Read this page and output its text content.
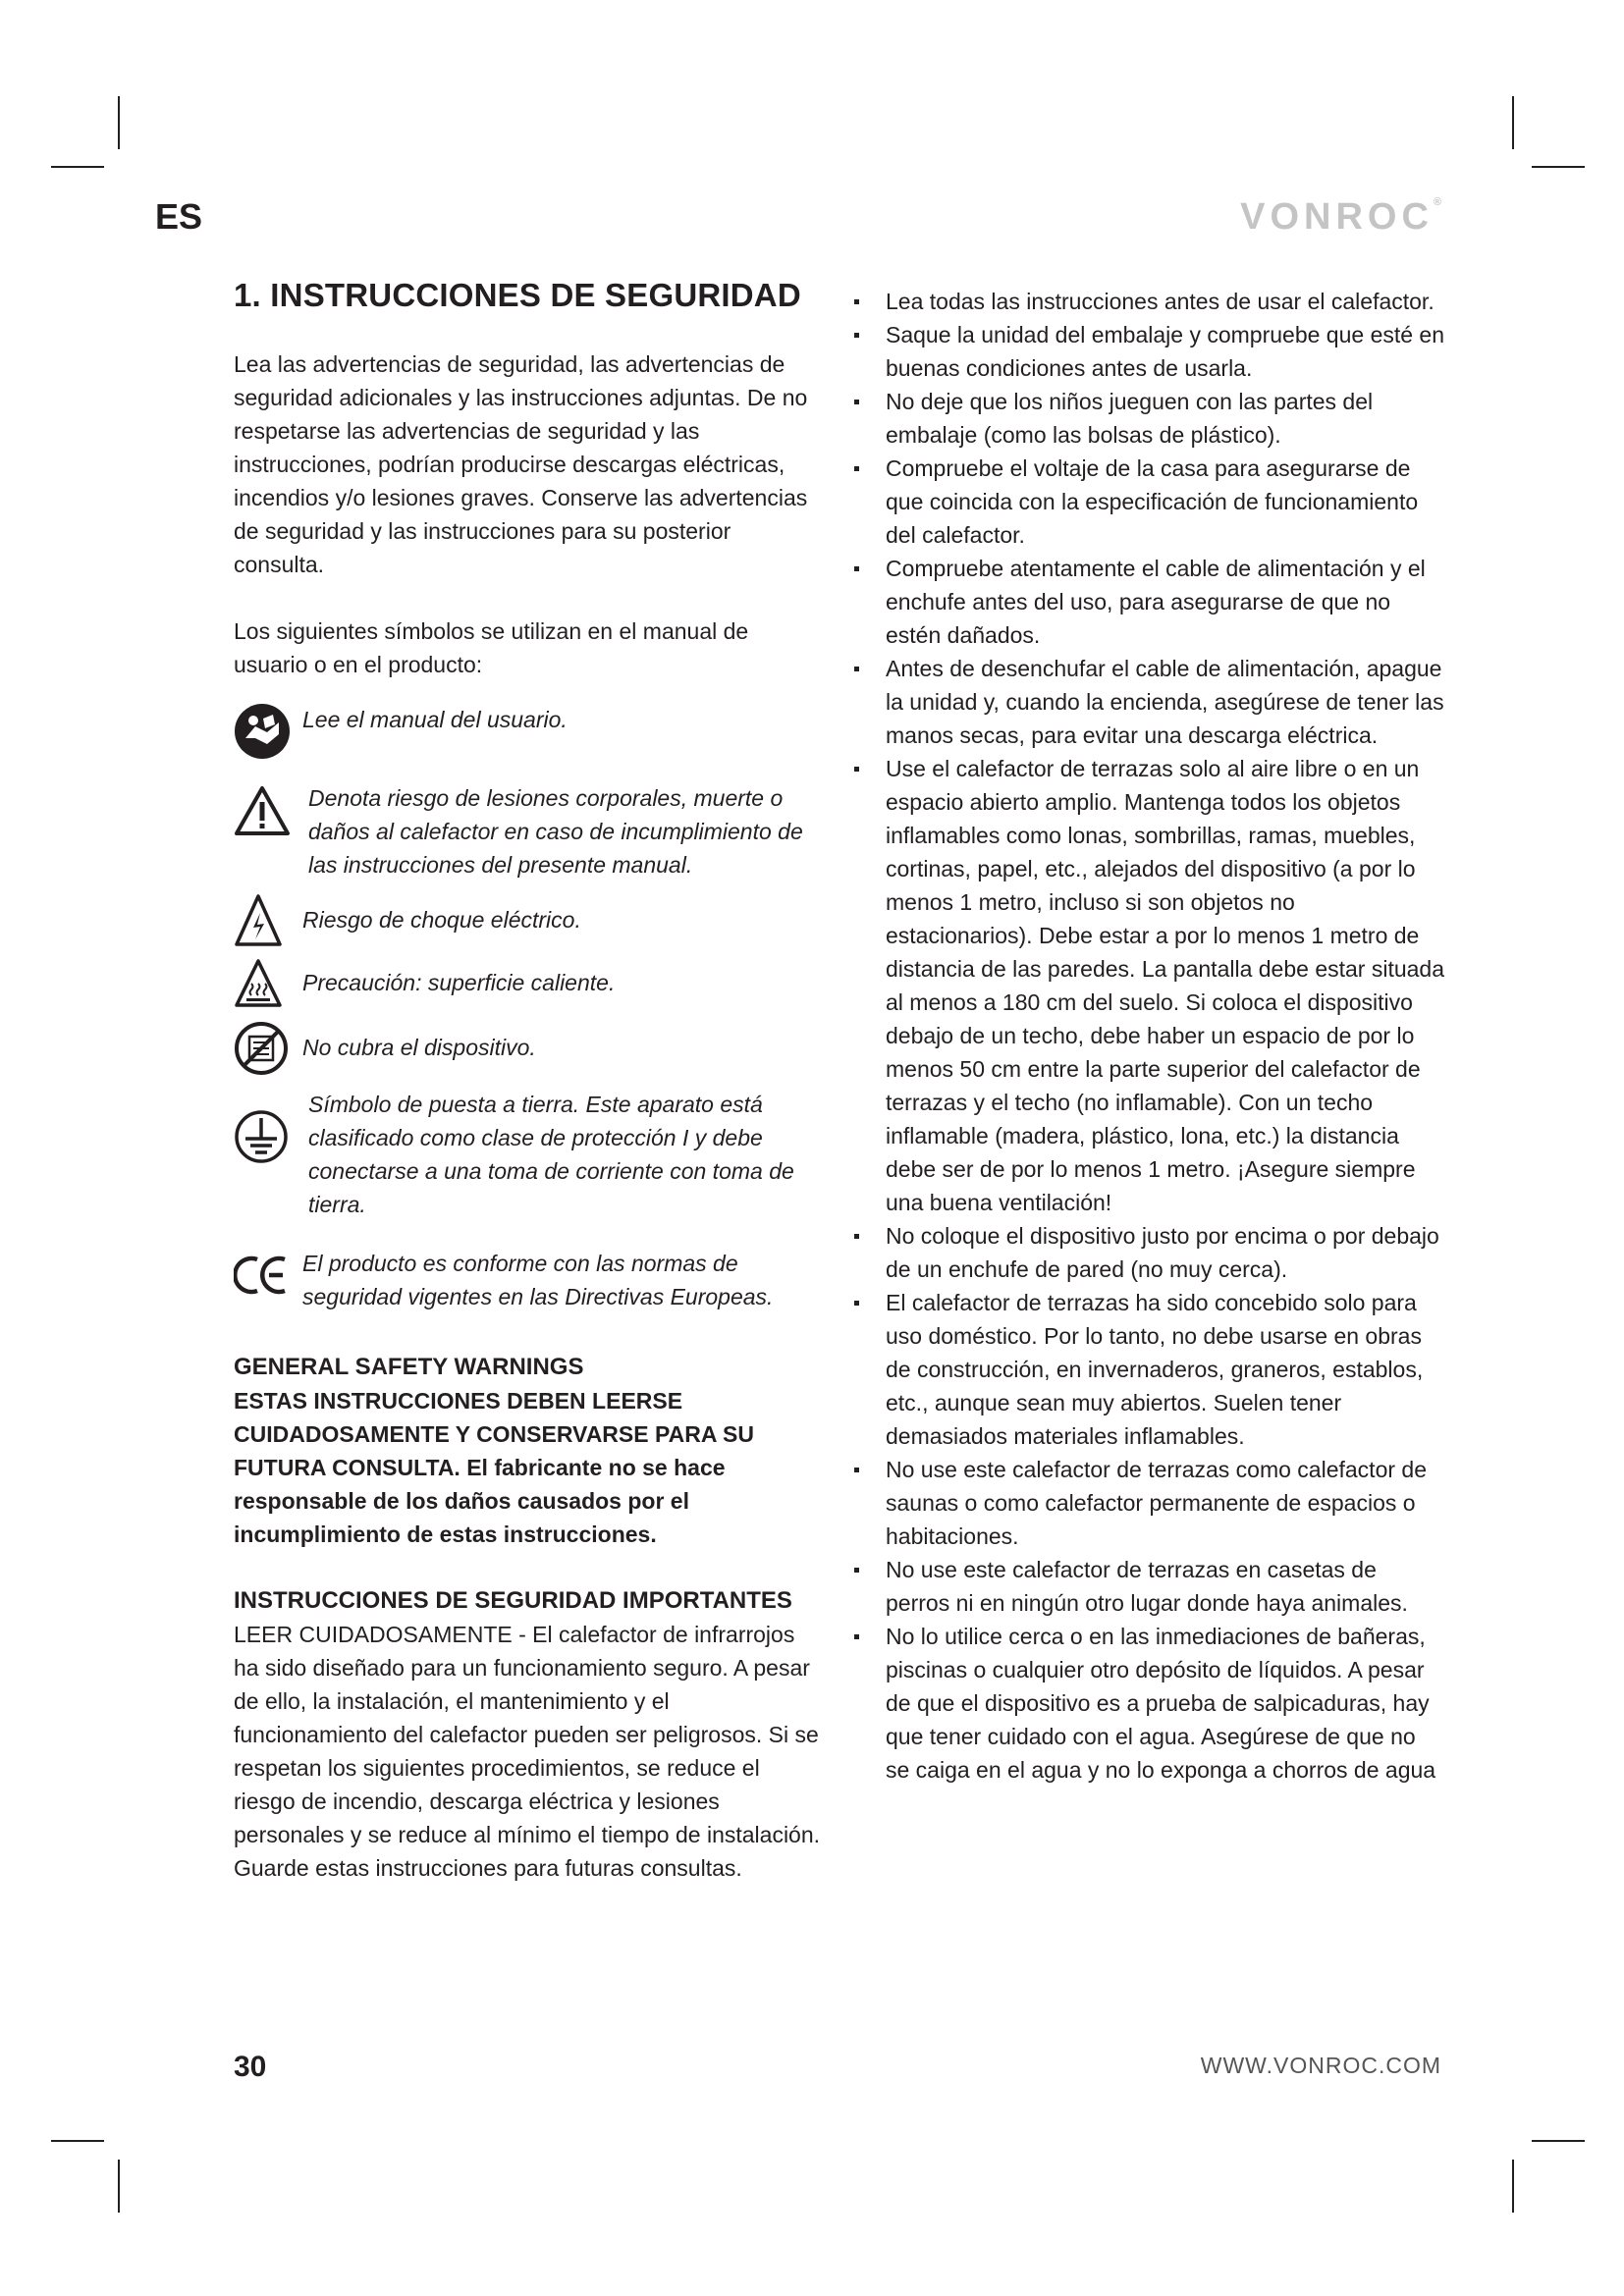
ES	VONROC®
1. INSTRUCCIONES DE SEGURIDAD

Lea las advertencias de seguridad, las advertencias de seguridad adicionales y las instrucciones adjuntas. De no respetarse las advertencias de seguridad y las instrucciones, podrían producirse descargas eléctricas, incendios y/o lesiones graves. Conserve las advertencias de seguridad y las instrucciones para su posterior consulta.

Los siguientes símbolos se utilizan en el manual de usuario o en el producto:

Lee el manual del usuario.
Denota riesgo de lesiones corporales, muerte o daños al calefactor en caso de incumplimiento de las instrucciones del presente manual.
Riesgo de choque eléctrico.
Precaución: superficie caliente.
No cubra el dispositivo.
Símbolo de puesta a tierra. Este aparato está clasificado como clase de protección I y debe conectarse a una toma de corriente con toma de tierra.
El producto es conforme con las normas de seguridad vigentes en las Directivas Europeas.
GENERAL SAFETY WARNINGS

ESTAS INSTRUCCIONES DEBEN LEERSE CUIDADOSAMENTE Y CONSERVARSE PARA SU FUTURA CONSULTA. El fabricante no se hace responsable de los daños causados por el incumplimiento de estas instrucciones.

INSTRUCCIONES DE SEGURIDAD IMPORTANTES

LEER CUIDADOSAMENTE - El calefactor de infrarrojos ha sido diseñado para un funcionamiento seguro. A pesar de ello, la instalación, el mantenimiento y el funcionamiento del calefactor pueden ser peligrosos. Si se respetan los siguientes procedimientos, se reduce el riesgo de incendio, descarga eléctrica y lesiones personales y se reduce al mínimo el tiempo de instalación. Guarde estas instrucciones para futuras consultas.

Lea todas las instrucciones antes de usar el calefactor.
Saque la unidad del embalaje y compruebe que esté en buenas condiciones antes de usarla.
No deje que los niños jueguen con las partes del embalaje (como las bolsas de plástico).
Compruebe el voltaje de la casa para asegurarse de que coincida con la especificación de funcionamiento del calefactor.
Compruebe atentamente el cable de alimentación y el enchufe antes del uso, para asegurarse de que no estén dañados.
Antes de desenchufar el cable de alimentación, apague la unidad y, cuando la encienda, asegúrese de tener las manos secas, para evitar una descarga eléctrica.
Use el calefactor de terrazas solo al aire libre o en un espacio abierto amplio. Mantenga todos los objetos inflamables como lonas, sombrillas, ramas, muebles, cortinas, papel, etc., alejados del dispositivo (a por lo menos 1 metro, incluso si son objetos no estacionarios). Debe estar a por lo menos 1 metro de distancia de las paredes. La pantalla debe estar situada al menos a 180 cm del suelo. Si coloca el dispositivo debajo de un techo, debe haber un espacio de por lo menos 50 cm entre la parte superior del calefactor de terrazas y el techo (no inflamable). Con un techo inflamable (madera, plástico, lona, etc.) la distancia debe ser de por lo menos 1 metro. ¡Asegure siempre una buena ventilación!
No coloque el dispositivo justo por encima o por debajo de un enchufe de pared (no muy cerca).
El calefactor de terrazas ha sido concebido solo para uso doméstico. Por lo tanto, no debe usarse en obras de construcción, en invernaderos, graneros, establos, etc., aunque sean muy abiertos. Suelen tener demasiados materiales inflamables.
No use este calefactor de terrazas como calefactor de saunas o como calefactor permanente de espacios o habitaciones.
No use este calefactor de terrazas en casetas de perros ni en ningún otro lugar donde haya animales.
No lo utilice cerca o en las inmediaciones de bañeras, piscinas o cualquier otro depósito de líquidos. A pesar de que el dispositivo es a prueba de salpicaduras, hay que tener cuidado con el agua. Asegúrese de que no se caiga en el agua y no lo exponga a chorros de agua
30	WWW.VONROC.COM
